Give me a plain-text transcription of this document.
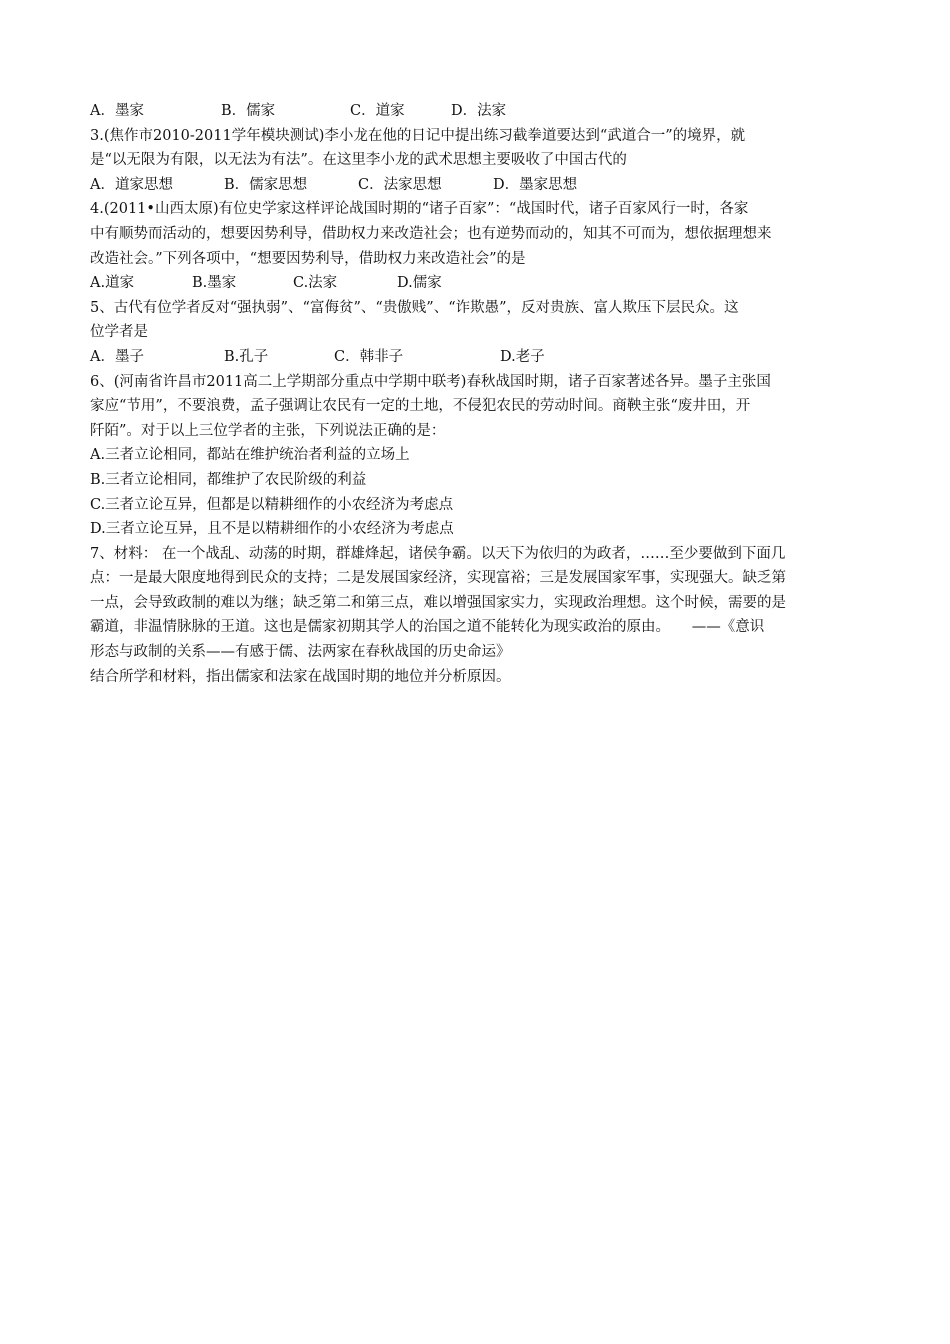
A．墨家	B．儒家	C．道家	D．法家
3.(焦作市2010-2011学年模块测试)李小龙在他的日记中提出练习截拳道要达到“武道合一”的境界，就
是“以无限为有限，以无法为有法”。在这里李小龙的武术思想主要吸收了中国古代的
A．道家思想	B．儒家思想	C．法家思想	D．墨家思想
4.(2011•山西太原)有位史学家这样评论战国时期的“诸子百家”：“战国时代，诸子百家风行一时，各家
中有顺势而活动的，想要因势利导，借助权力来改造社会；也有逆势而动的，知其不可而为，想依据理想来
改造社会。”下列各项中，“想要因势利导，借助权力来改造社会”的是
A.道家	B.墨家	C.法家	D.儒家
5、古代有位学者反对“强执弱”、“富侮贫”、“贵傲贱”、“诈欺愚”，反对贵族、富人欺压下层民众。这
位学者是
A．墨子	B.孔子	C．韩非子	D.老子
6、(河南省许昌市2011高二上学期部分重点中学期中联考)春秋战国时期，诸子百家著述各异。墨子主张国
家应“节用”，不要浪费，孟子强调让农民有一定的土地，不侵犯农民的劳动时间。商鞅主张“废井田，开
阡陌”。对于以上三位学者的主张，下列说法正确的是：
A.三者立论相同，都站在维护统治者利益的立场上
B.三者立论相同，都维护了农民阶级的利益
C.三者立论互异，但都是以精耕细作的小农经济为考虑点
D.三者立论互异，且不是以精耕细作的小农经济为考虑点
7、材料： 在一个战乱、动荡的时期，群雄烽起，诸侯争霸。以天下为依归的为政者，……至少要做到下面几
点：一是最大限度地得到民众的支持；二是发展国家经济，实现富裕；三是发展国家军事，实现强大。缺乏第
一点，会导致政制的难以为继；缺乏第二和第三点，难以增强国家实力，实现政治理想。这个时候，需要的是
霸道，非温情脉脉的王道。这也是儒家初期其学人的治国之道不能转化为现实政治的原由。　　——《意识
形态与政制的关系——有感于儒、法两家在春秋战国的历史命运》
结合所学和材料，指出儒家和法家在战国时期的地位并分析原因。
